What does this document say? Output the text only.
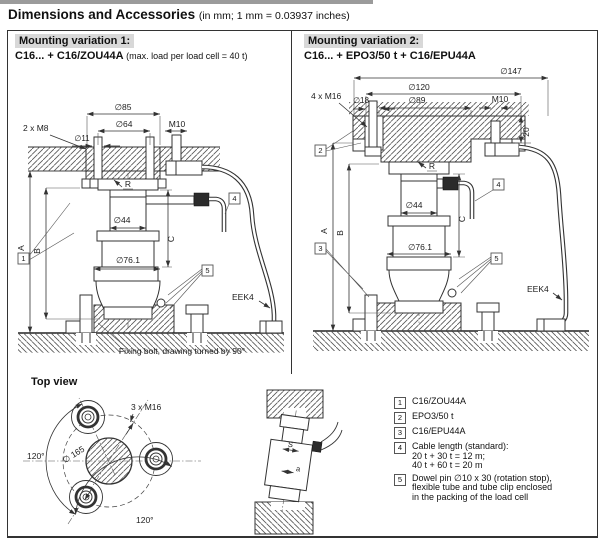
Dimensions and Accessories (in mm; 1 mm = 0.03937 inches)
Mounting variation 1:
C16... + C16/ZOU44A (max. load per load cell = 40 t)
Mounting variation 2:
C16... + EPO3/50 t + C16/EPU44A
∅85
∅64
∅11
2 x M8	M10
R
∅44
∅76.1
A
B
C
1
4
5
EEK4
Fixing bolt, drawing turned by 90°
∅147
∅120
4 x M16 ∅18	∅89	M10
20
R
∅44
∅76.1
A B
C
2
3
4
5
EEK4
Top view
∅ 165
3 x M16
120°
120°
S
a
1	C16/ZOU44A
2	EPO3/50 t
3	C16/EPU44A
4	Cable length (standard):
20 t + 30 t = 12 m;
40 t + 60 t = 20 m
5	Dowel pin ∅10 x 30 (rotation stop),
flexible tube and tube clip enclosed
in the packing of the load cell
